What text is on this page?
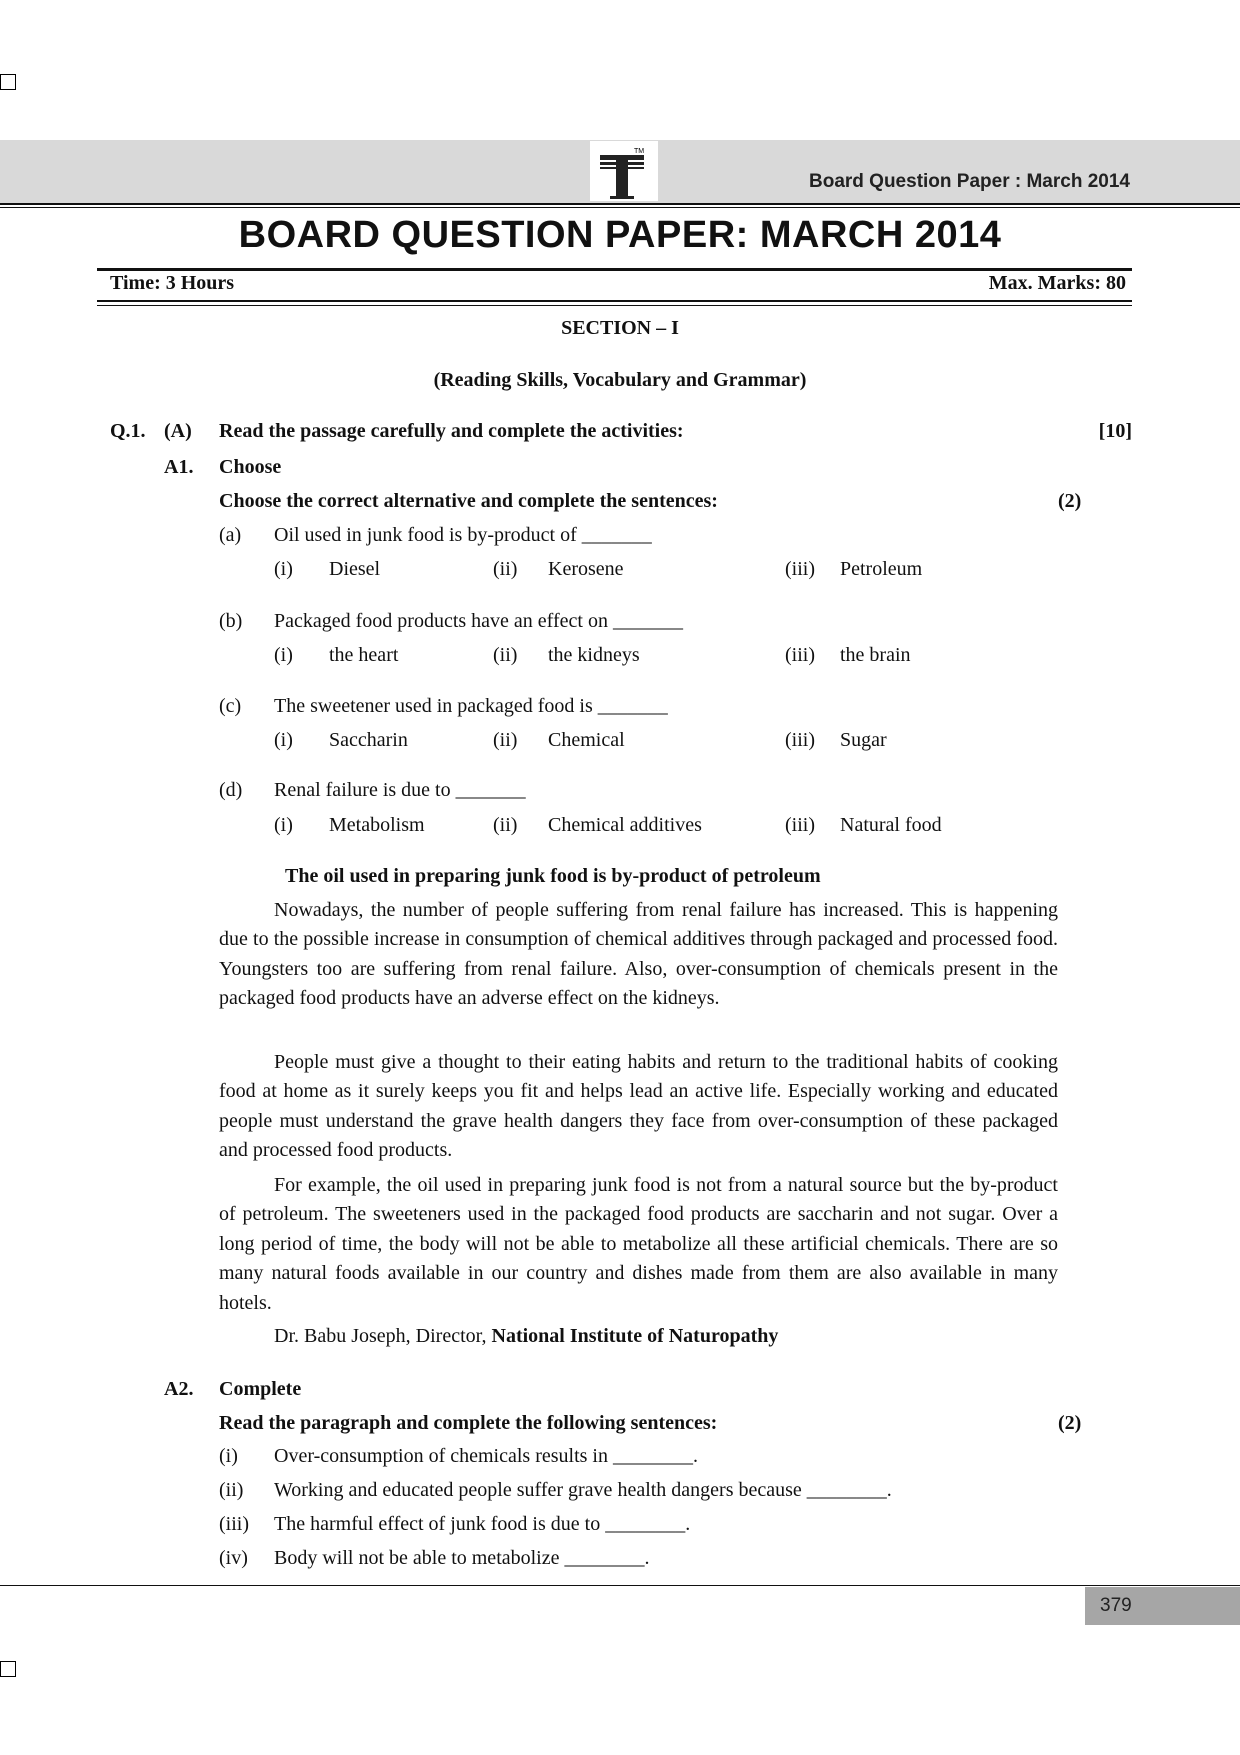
TM
Board Question Paper : March 2014
BOARD QUESTION PAPER: MARCH 2014
Time: 3 Hours	Max. Marks: 80
SECTION – I
(Reading Skills, Vocabulary and Grammar)
Q.1. (A) Read the passage carefully and complete the activities:	[10]
A1. Choose
Choose the correct alternative and complete the sentences:	(2)
(a) Oil used in junk food is by-product of _______
(i) Diesel	(ii) Kerosene	(iii) Petroleum
(b) Packaged food products have an effect on _______
(i) the heart	(ii) the kidneys	(iii) the brain
(c) The sweetener used in packaged food is _______
(i) Saccharin	(ii) Chemical	(iii) Sugar
(d) Renal failure is due to _______
(i) Metabolism	(ii) Chemical additives	(iii) Natural food
The oil used in preparing junk food is by-product of petroleum
Nowadays, the number of people suffering from renal failure has increased. This is happening due to the possible increase in consumption of chemical additives through packaged and processed food. Youngsters too are suffering from renal failure. Also, over-consumption of chemicals present in the packaged food products have an adverse effect on the kidneys.
People must give a thought to their eating habits and return to the traditional habits of cooking food at home as it surely keeps you fit and helps lead an active life. Especially working and educated people must understand the grave health dangers they face from over-consumption of these packaged and processed food products.
For example, the oil used in preparing junk food is not from a natural source but the by-product of petroleum. The sweeteners used in the packaged food products are saccharin and not sugar. Over a long period of time, the body will not be able to metabolize all these artificial chemicals. There are so many natural foods available in our country and dishes made from them are also available in many hotels.
Dr. Babu Joseph, Director, National Institute of Naturopathy
A2. Complete
Read the paragraph and complete the following sentences:	(2)
(i) Over-consumption of chemicals results in ________.
(ii) Working and educated people suffer grave health dangers because ________.
(iii) The harmful effect of junk food is due to ________.
(iv) Body will not be able to metabolize ________.
379
